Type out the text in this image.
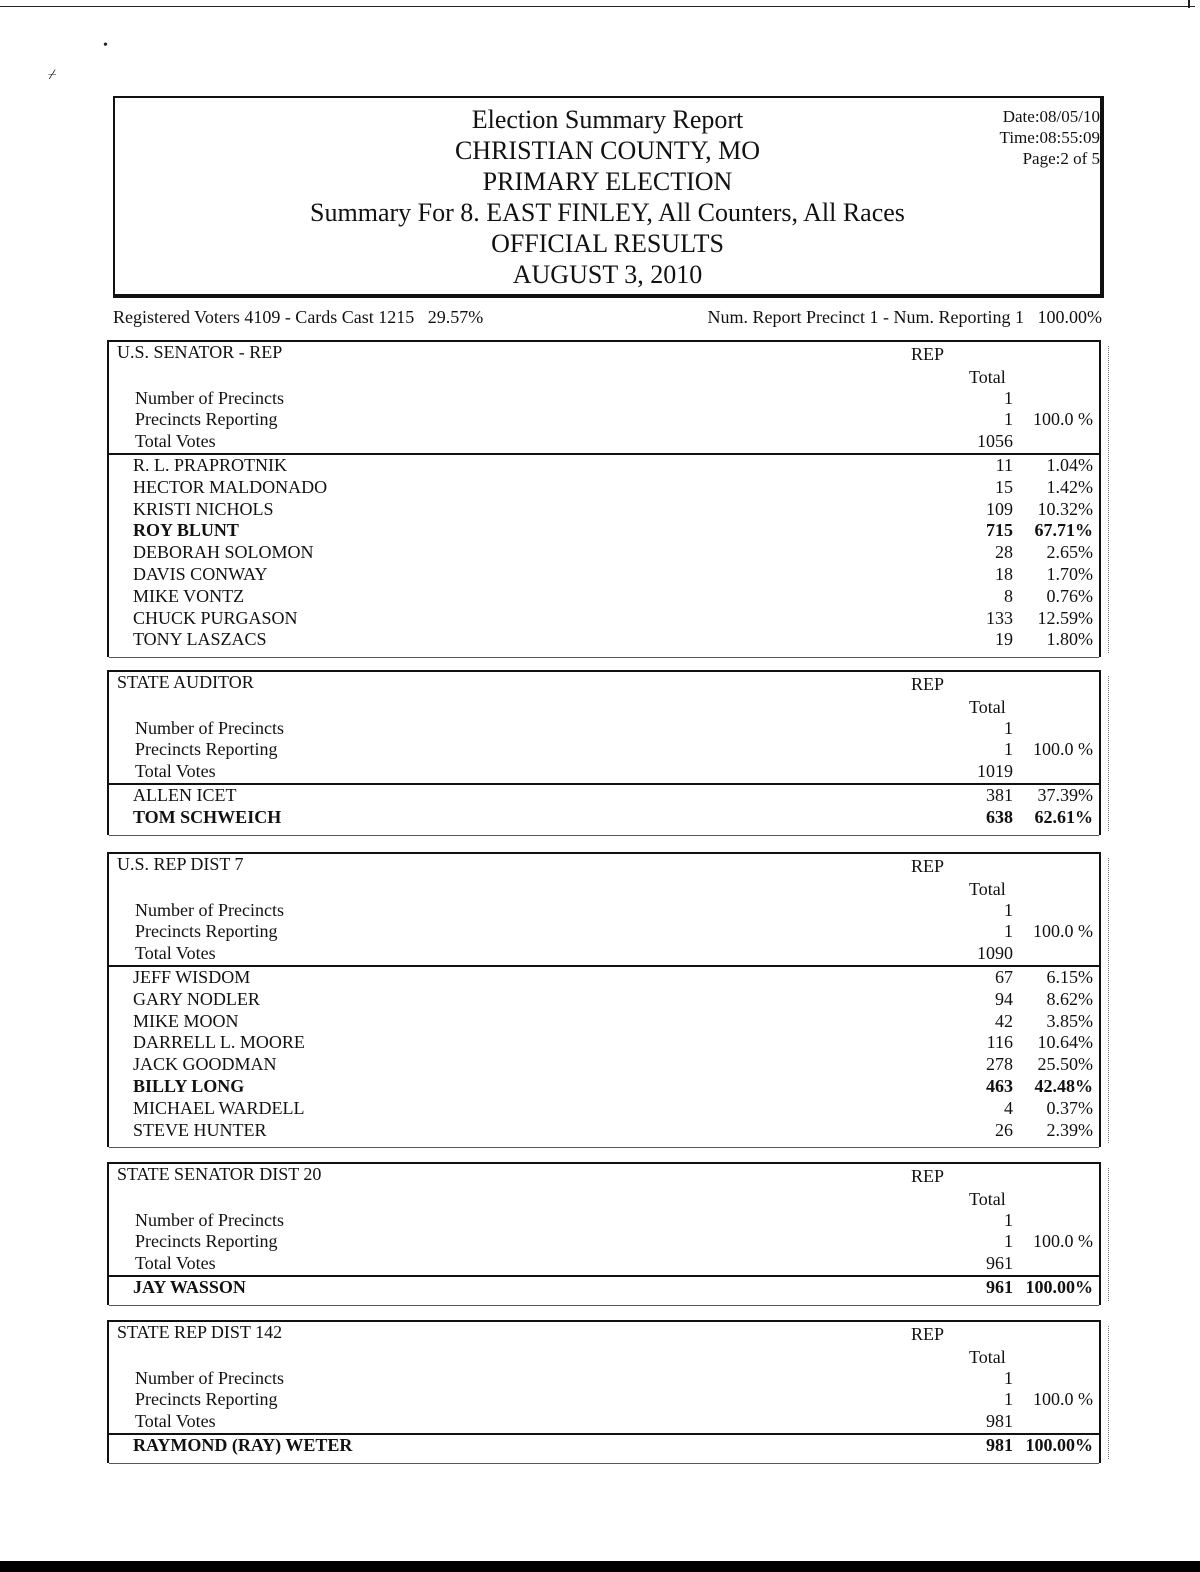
•
⌿
Election Summary Report
CHRISTIAN COUNTY, MO
PRIMARY ELECTION
Summary For 8. EAST FINLEY, All Counters, All Races
OFFICIAL RESULTS
AUGUST 3, 2010
Date:08/05/10
Time:08:55:09
Page:2 of 5
Registered Voters 4109 - Cards Cast 1215   29.57%	Num. Report Precinct 1 - Num. Reporting 1   100.00%
U.S. SENATOR - REP	REP
Total
Number of Precincts	1
Precincts Reporting	1 100.0 %
Total Votes	1056
R. L. PRAPROTNIK	11 1.04%
HECTOR MALDONADO	15 1.42%
KRISTI NICHOLS	109 10.32%
ROY BLUNT	715 67.71%
DEBORAH SOLOMON	28 2.65%
DAVIS CONWAY	18 1.70%
MIKE VONTZ	8 0.76%
CHUCK PURGASON	133 12.59%
TONY LASZACS	19 1.80%
STATE AUDITOR	REP
Total
Number of Precincts	1
Precincts Reporting	1 100.0 %
Total Votes	1019
ALLEN ICET	381 37.39%
TOM SCHWEICH	638 62.61%
U.S. REP DIST 7	REP
Total
Number of Precincts	1
Precincts Reporting	1 100.0 %
Total Votes	1090
JEFF WISDOM	67 6.15%
GARY NODLER	94 8.62%
MIKE MOON	42 3.85%
DARRELL L. MOORE	116 10.64%
JACK GOODMAN	278 25.50%
BILLY LONG	463 42.48%
MICHAEL WARDELL	4 0.37%
STEVE HUNTER	26 2.39%
STATE SENATOR DIST 20	REP
Total
Number of Precincts	1
Precincts Reporting	1 100.0 %
Total Votes	961
JAY WASSON	961 100.00%
STATE REP DIST 142	REP
Total
Number of Precincts	1
Precincts Reporting	1 100.0 %
Total Votes	981
RAYMOND (RAY) WETER	981 100.00%
